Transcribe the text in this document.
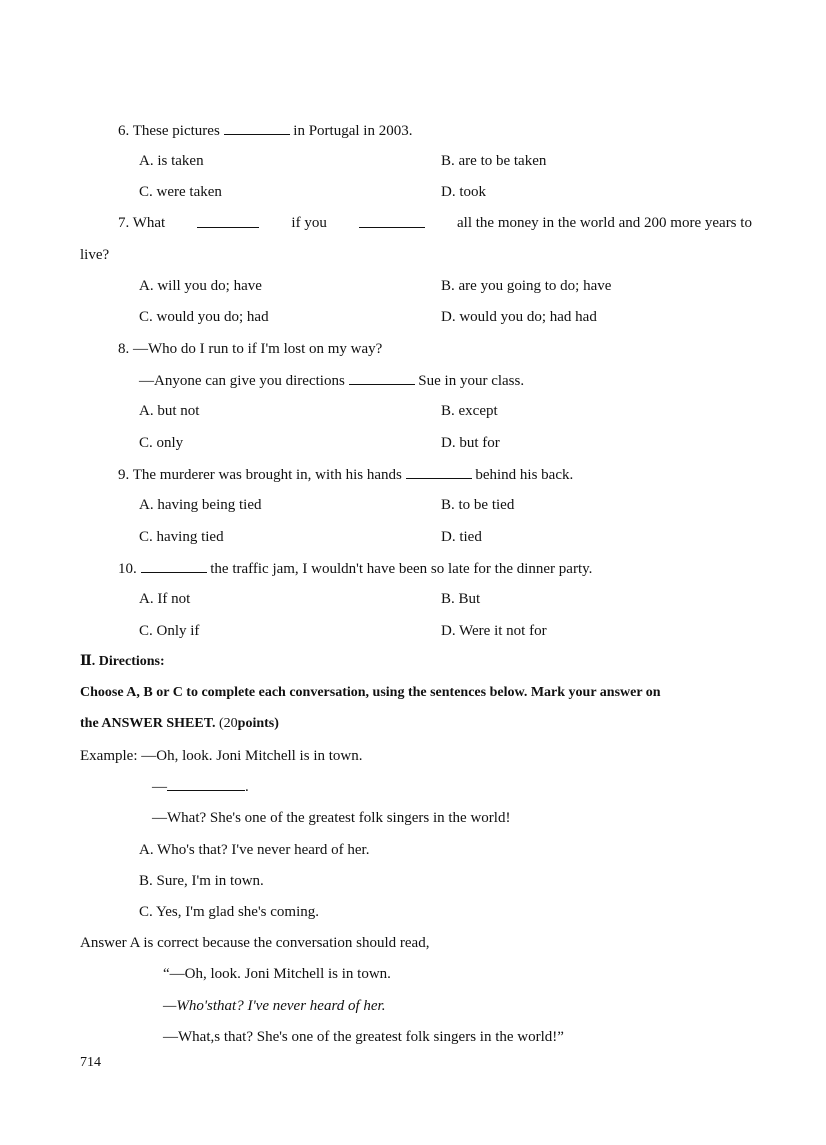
6. These pictures	in Portugal in 2003.
A. is taken	B. are to be taken
C. were taken	D. took
7. What	if you	all the money in the world and 200 more years to
live?
A. will you do; have	B. are you going to do; have
C. would you do; had	D. would you do; had had
8. —Who do I run to if I'm lost on my way?
—Anyone can give you directions	Sue in your class.
A. but not	B. except
C. only	D. but for
9. The murderer was brought in, with his hands	behind his back.
A. having being tied	B. to be tied
C. having tied	D. tied
10.	the traffic jam, I wouldn't have been so late for the dinner party.
A. If not	B. But
C. Only if	D. Were it not for
Ⅱ. Directions:
Choose A, B or C to complete each conversation, using the sentences below. Mark your answer on
the ANSWER SHEET. (20points)
Example: —Oh, look. Joni Mitchell is in town.
—	.
—What? She's one of the greatest folk singers in the world!
A. Who's that? I've never heard of her.
B. Sure, I'm in town.
C. Yes, I'm glad she's coming.
Answer A is correct because the conversation should read,
“—Oh, look. Joni Mitchell is in town.
—Who'sthat? I've never heard of her.
—What,s that? She's one of the greatest folk singers in the world!”
714
